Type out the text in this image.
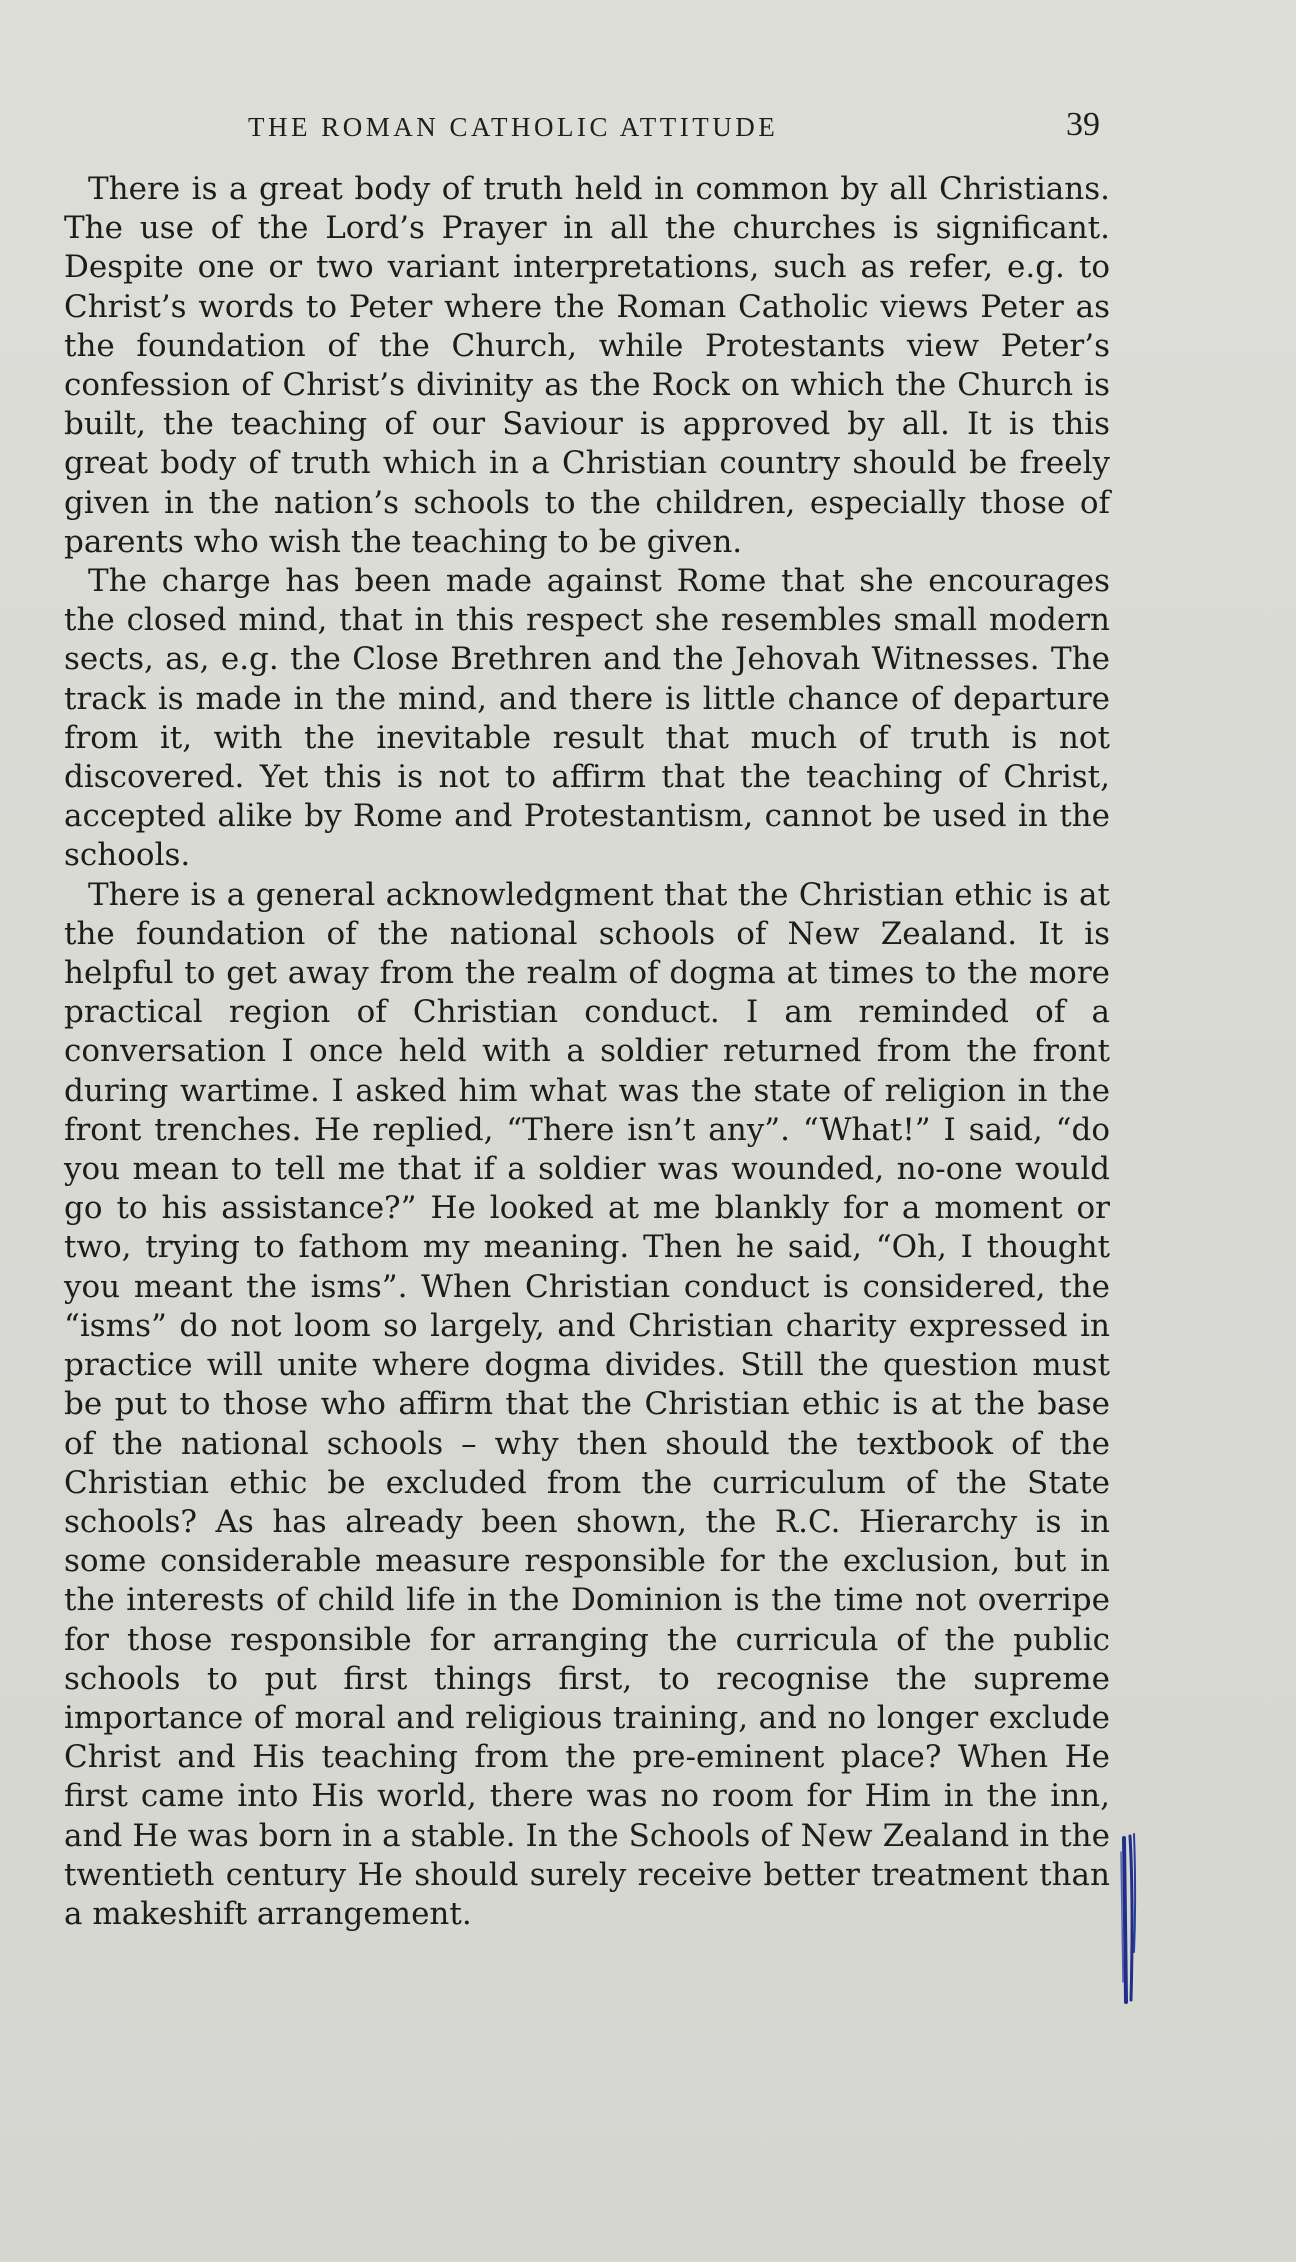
THE ROMAN CATHOLIC ATTITUDE	39

There is a great body of truth held in common by all Christians. The use of the Lord’s Prayer in all the churches is significant. Despite one or two variant interpretations, such as refer, e.g. to Christ’s words to Peter where the Roman Catholic views Peter as the foundation of the Church, while Protestants view Peter’s confession of Christ’s divinity as the Rock on which the Church is built, the teaching of our Saviour is approved by all. It is this great body of truth which in a Christian country should be freely given in the nation’s schools to the children, especially those of parents who wish the teaching to be given.

The charge has been made against Rome that she encourages the closed mind, that in this respect she resembles small modern sects, as, e.g. the Close Brethren and the Jehovah Witnesses. The track is made in the mind, and there is little chance of departure from it, with the inevitable result that much of truth is not discovered. Yet this is not to affirm that the teaching of Christ, accepted alike by Rome and Protestantism, cannot be used in the schools.

There is a general acknowledgment that the Christian ethic is at the foundation of the national schools of New Zealand. It is helpful to get away from the realm of dogma at times to the more practical region of Christian conduct. I am reminded of a conversation I once held with a soldier returned from the front during wartime. I asked him what was the state of religion in the front trenches. He replied, “There isn’t any”. “What!” I said, “do you mean to tell me that if a soldier was wounded, no-one would go to his assistance?” He looked at me blankly for a moment or two, trying to fathom my meaning. Then he said, “Oh, I thought you meant the isms”. When Christian conduct is considered, the “isms” do not loom so largely, and Christian charity expressed in practice will unite where dogma divides. Still the question must be put to those who affirm that the Christian ethic is at the base of the national schools – why then should the textbook of the Christian ethic be excluded from the curriculum of the State schools? As has already been shown, the R.C. Hierarchy is in some considerable measure responsible for the exclusion, but in the interests of child life in the Dominion is the time not overripe for those responsible for arranging the curricula of the public schools to put first things first, to recognise the supreme importance of moral and religious training, and no longer exclude Christ and His teaching from the pre-eminent place? When He first came into His world, there was no room for Him in the inn, and He was born in a stable. In the Schools of New Zealand in the twentieth century He should surely receive better treatment than a makeshift arrangement.
